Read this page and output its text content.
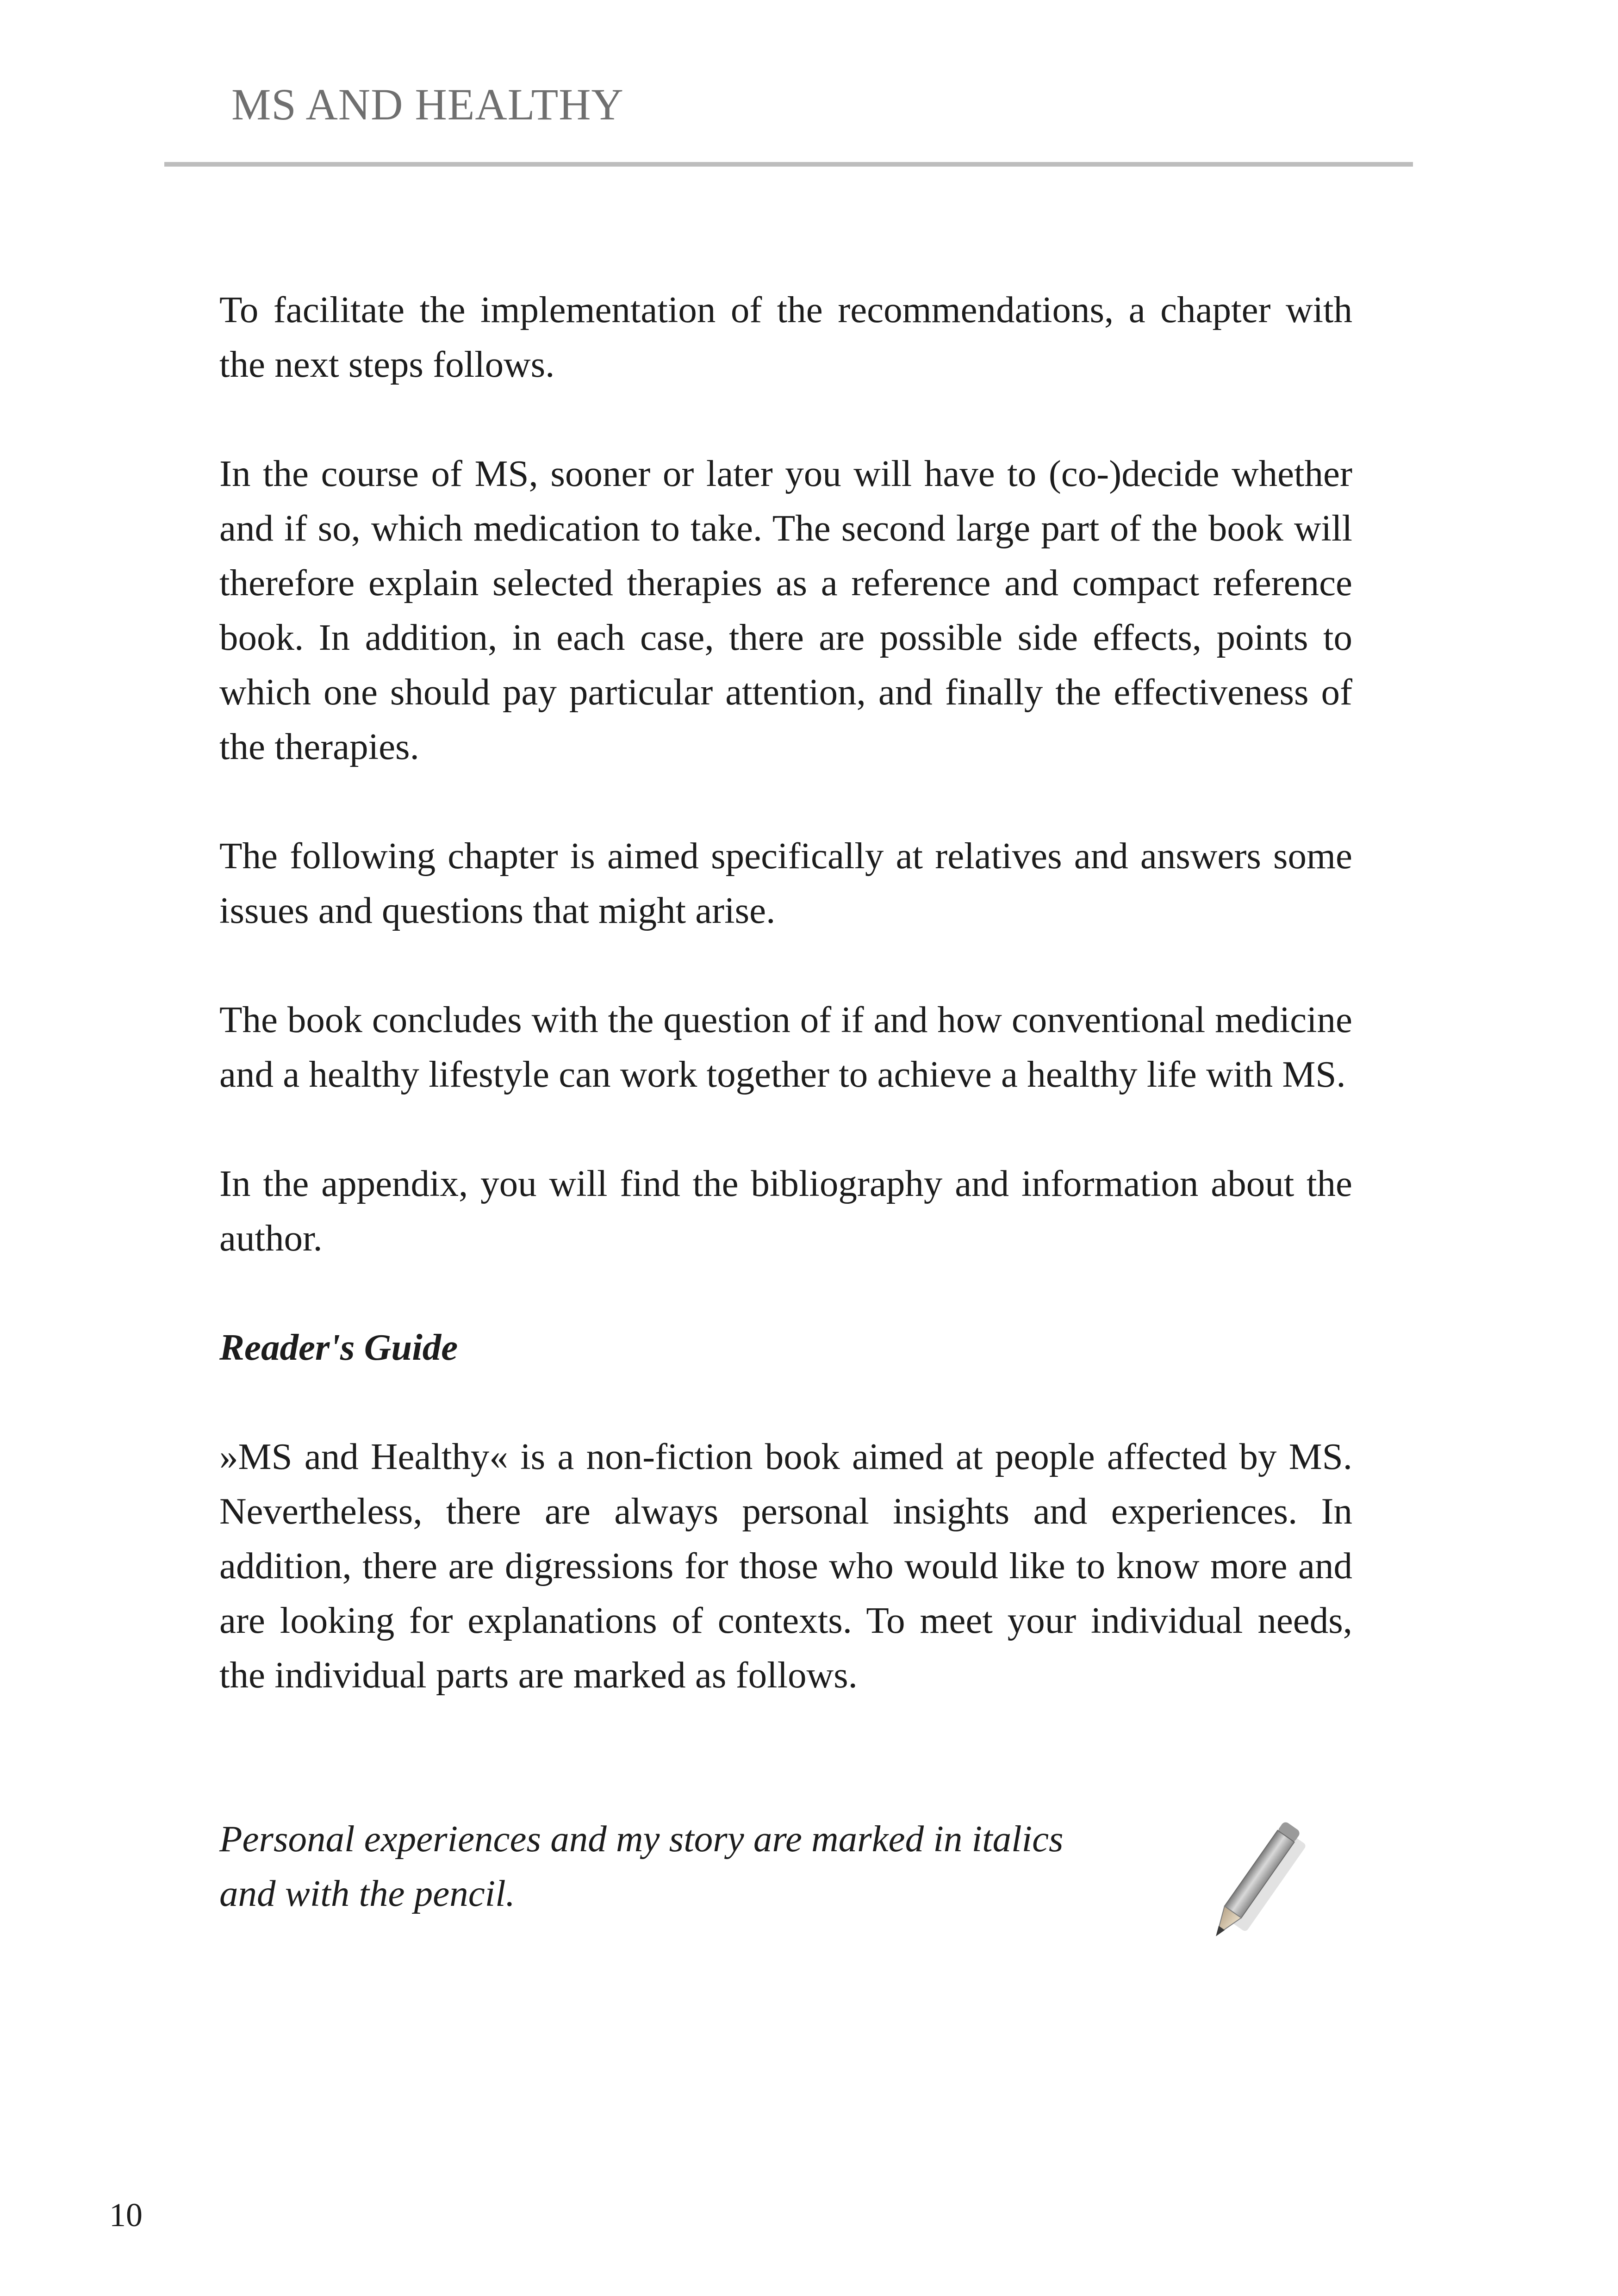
MS AND HEALTHY

To facilitate the implementation of the recommendations, a chapter with the next steps follows.

In the course of MS, sooner or later you will have to (co-)decide whether and if so, which medication to take. The second large part of the book will therefore explain selected therapies as a reference and compact reference book. In addition, in each case, there are possible side effects, points to which one should pay particular attention, and finally the effectiveness of the therapies.

The following chapter is aimed specifically at relatives and answers some issues and questions that might arise.

The book concludes with the question of if and how conventional medicine and a healthy lifestyle can work together to achieve a healthy life with MS.

In the appendix, you will find the bibliography and information about the author.

Reader's Guide

»MS and Healthy« is a non-fiction book aimed at people affected by MS. Nevertheless, there are always personal insights and experiences. In addition, there are digressions for those who would like to know more and are looking for explanations of contexts. To meet your individual needs, the individual parts are marked as follows.

Personal experiences and my story are marked in italics
and with the pencil.

10
